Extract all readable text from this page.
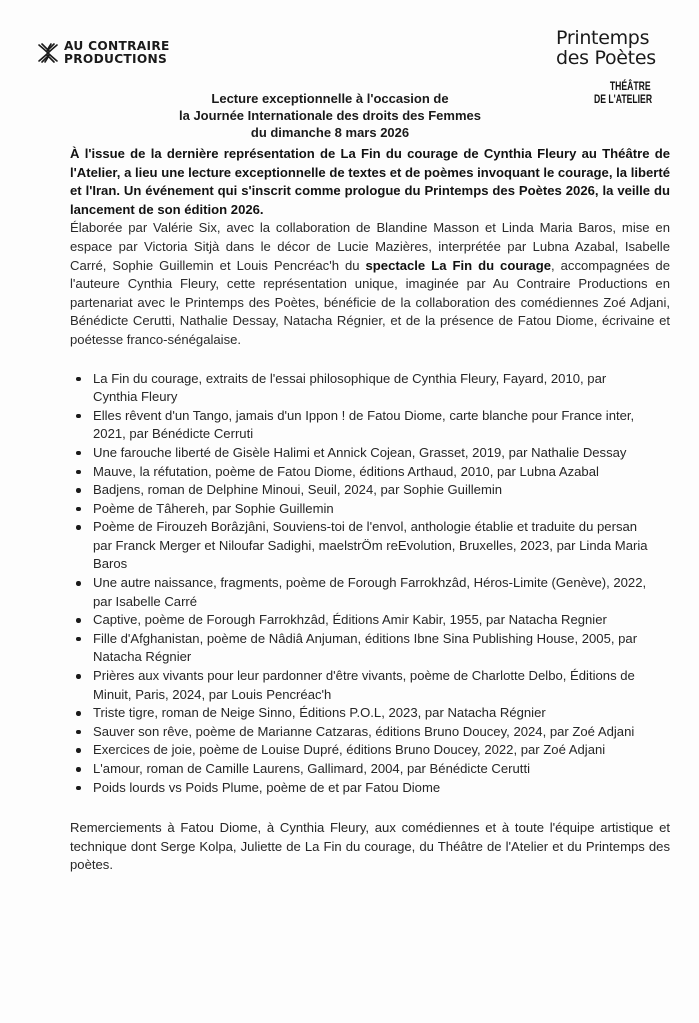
AU CONTRAIRE
PRODUCTIONS
Printemps
des Poètes
THÉÂTRE
DE L'ATELIER
Lecture exceptionnelle à l'occasion de
la Journée Internationale des droits des Femmes
du dimanche 8 mars 2026

À l'issue de la dernière représentation de La Fin du courage de Cynthia Fleury au Théâtre de l'Atelier, a lieu une lecture exceptionnelle de textes et de poèmes invoquant le courage, la liberté et l'Iran. Un événement qui s'inscrit comme prologue du Printemps des Poètes 2026, la veille du lancement de son édition 2026.

Élaborée par Valérie Six, avec la collaboration de Blandine Masson et Linda Maria Baros, mise en espace par Victoria Sitjà dans le décor de Lucie Mazières, interprétée par Lubna Azabal, Isabelle Carré, Sophie Guillemin et Louis Pencréac'h du spectacle La Fin du courage, accompagnées de l'auteure Cynthia Fleury, cette représentation unique, imaginée par Au Contraire Productions en partenariat avec le Printemps des Poètes, bénéficie de la collaboration des comédiennes Zoé Adjani, Bénédicte Cerutti, Nathalie Dessay, Natacha Régnier, et de la présence de Fatou Diome, écrivaine et poétesse franco-sénégalaise.

La Fin du courage, extraits de l'essai philosophique de Cynthia Fleury, Fayard, 2010, par Cynthia Fleury
Elles rêvent d'un Tango, jamais d'un Ippon ! de Fatou Diome, carte blanche pour France inter, 2021, par Bénédicte Cerruti
Une farouche liberté de Gisèle Halimi et Annick Cojean, Grasset, 2019, par Nathalie Dessay
Mauve, la réfutation, poème de Fatou Diome, éditions Arthaud, 2010, par Lubna Azabal
Badjens, roman de Delphine Minoui, Seuil, 2024, par Sophie Guillemin
Poème de Tâhereh, par Sophie Guillemin
Poème de Firouzeh Borâzjâni, Souviens-toi de l'envol, anthologie établie et traduite du persan par Franck Merger et Niloufar Sadighi, maelstrÖm reEvolution, Bruxelles, 2023, par Linda Maria Baros
Une autre naissance, fragments, poème de Forough Farrokhzâd, Héros-Limite (Genève), 2022, par Isabelle Carré
Captive, poème de Forough Farrokhzâd, Éditions Amir Kabir, 1955, par Natacha Regnier
Fille d'Afghanistan, poème de Nâdiâ Anjuman, éditions Ibne Sina Publishing House, 2005, par Natacha Régnier
Prières aux vivants pour leur pardonner d'être vivants, poème de Charlotte Delbo, Éditions de Minuit, Paris, 2024, par Louis Pencréac'h
Triste tigre, roman de Neige Sinno, Éditions P.O.L, 2023, par Natacha Régnier
Sauver son rêve, poème de Marianne Catzaras, éditions Bruno Doucey, 2024, par Zoé Adjani
Exercices de joie, poème de Louise Dupré, éditions Bruno Doucey, 2022, par Zoé Adjani
L'amour, roman de Camille Laurens, Gallimard, 2004, par Bénédicte Cerutti
Poids lourds vs Poids Plume, poème de et par Fatou Diome

Remerciements à Fatou Diome, à Cynthia Fleury, aux comédiennes et à toute l'équipe artistique et technique dont Serge Kolpa, Juliette de La Fin du courage, du Théâtre de l'Atelier et du Printemps des poètes.
